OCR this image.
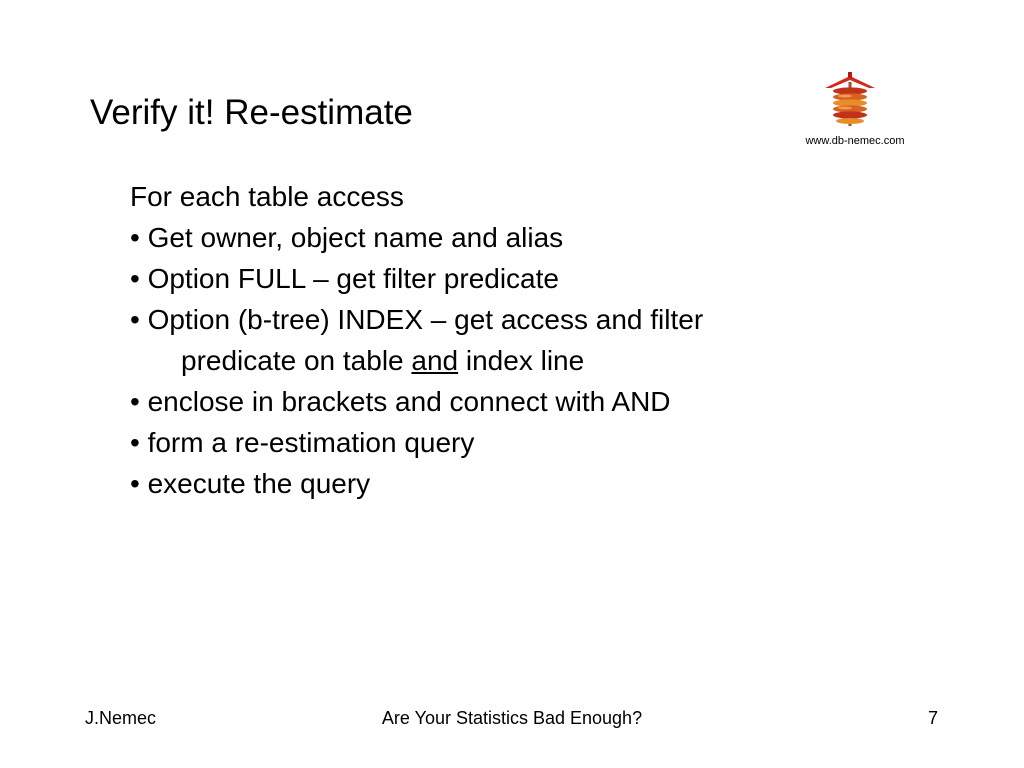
Verify it! Re-estimate
www.db-nemec.com
For each table access
• Get owner, object name and alias
• Option FULL – get filter predicate
• Option (b-tree) INDEX – get access and filter
predicate on table and index line
• enclose in brackets and connect with AND
• form a re-estimation query
• execute the query
J.Nemec	Are Your Statistics Bad Enough?	7
